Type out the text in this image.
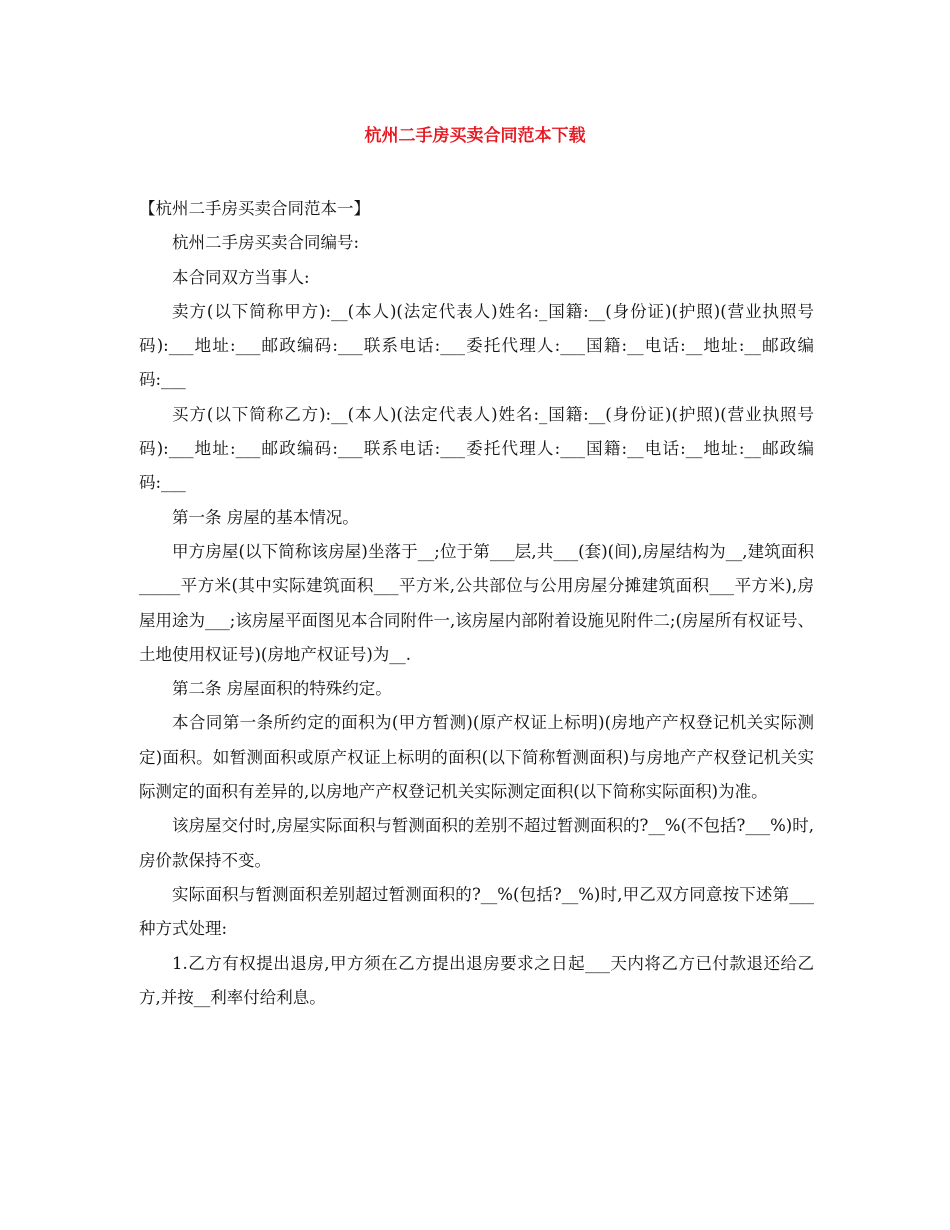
杭州二手房买卖合同范本下载

【杭州二手房买卖合同范本一】

杭州二手房买卖合同编号:

本合同双方当事人:

卖方(以下简称甲方):__(本人)(法定代表人)姓名:_国籍:__(身份证)(护照)(营业执照号码):___地址:___邮政编码:___联系电话:___委托代理人:___国籍:__电话:__地址:__邮政编码:___

买方(以下简称乙方):__(本人)(法定代表人)姓名:_国籍:__(身份证)(护照)(营业执照号码):___地址:___邮政编码:___联系电话:___委托代理人:___国籍:__电话:__地址:__邮政编码:___

第一条 房屋的基本情况。

甲方房屋(以下简称该房屋)坐落于__;位于第___层,共___(套)(间),房屋结构为__,建筑面积_____平方米(其中实际建筑面积___平方米,公共部位与公用房屋分摊建筑面积___平方米),房屋用途为___;该房屋平面图见本合同附件一,该房屋内部附着设施见附件二;(房屋所有权证号、土地使用权证号)(房地产权证号)为__.

第二条 房屋面积的特殊约定。

本合同第一条所约定的面积为(甲方暂测)(原产权证上标明)(房地产产权登记机关实际测定)面积。如暂测面积或原产权证上标明的面积(以下简称暂测面积)与房地产产权登记机关实际测定的面积有差异的,以房地产产权登记机关实际测定面积(以下简称实际面积)为准。

该房屋交付时,房屋实际面积与暂测面积的差别不超过暂测面积的?__%(不包括?___%)时,房价款保持不变。

实际面积与暂测面积差别超过暂测面积的?__%(包括?__%)时,甲乙双方同意按下述第___种方式处理:

1.乙方有权提出退房,甲方须在乙方提出退房要求之日起___天内将乙方已付款退还给乙方,并按__利率付给利息。
